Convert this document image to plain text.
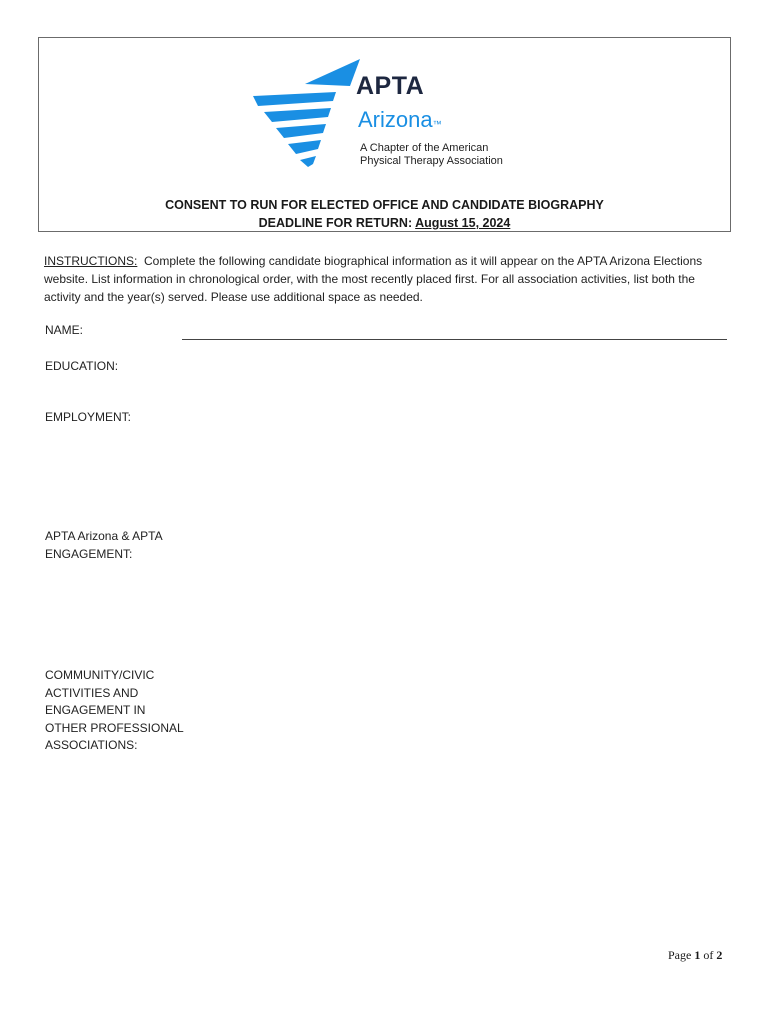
APTA
Arizona™
A Chapter of the American
Physical Therapy Association
CONSENT TO RUN FOR ELECTED OFFICE AND CANDIDATE BIOGRAPHY
DEADLINE FOR RETURN: August 15, 2024
INSTRUCTIONS: Complete the following candidate biographical information as it will appear on the APTA Arizona Elections website. List information in chronological order, with the most recently placed first. For all association activities, list both the activity and the year(s) served. Please use additional space as needed.
NAME:
EDUCATION:
EMPLOYMENT:
APTA Arizona & APTA
ENGAGEMENT:
COMMUNITY/CIVIC
ACTIVITIES AND
ENGAGEMENT IN
OTHER PROFESSIONAL
ASSOCIATIONS:
Page 1 of 2
